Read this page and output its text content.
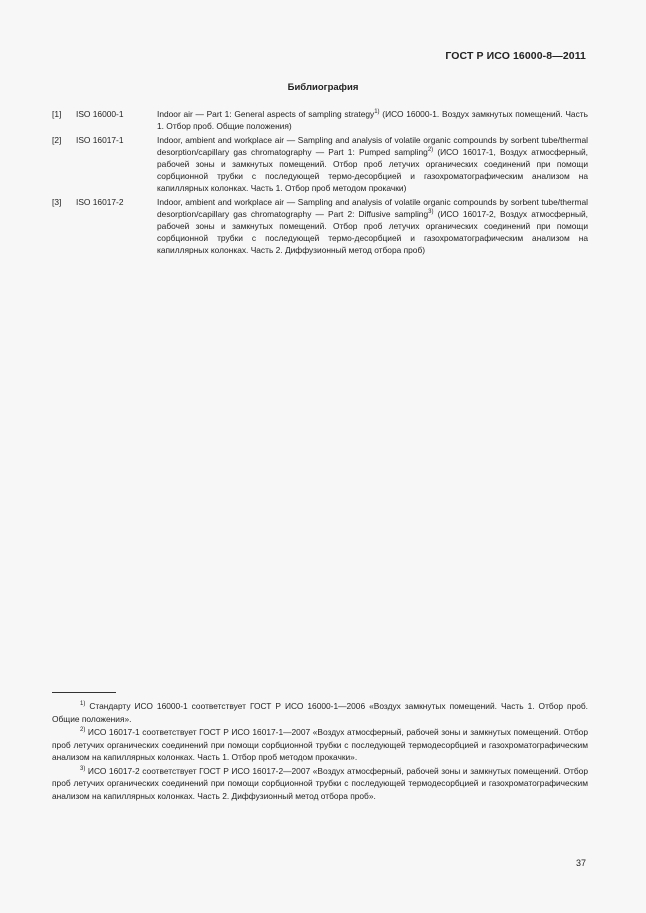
ГОСТ Р ИСО 16000-8—2011
Библиография
[1] ISO 16000-1	Indoor air — Part 1: General aspects of sampling strategy$^{1)}$ (ИСО 16000-1. Воздух замкнутых помещений. Часть 1. Отбор проб. Общие положения)
[2] ISO 16017-1	Indoor, ambient and workplace air — Sampling and analysis of volatile organic compounds by sorbent tube/thermal desorption/capillary gas chromatography — Part 1: Pumped sampling$^{2)}$ (ИСО 16017-1, Воздух атмосферный, рабочей зоны и замкнутых помещений. Отбор проб летучих органических соединений при помощи сорбционной трубки с последующей термо-десорбцией и газохроматографическим анализом на капиллярных колонках. Часть 1. Отбор проб методом прокачки)
[3] ISO 16017-2	Indoor, ambient and workplace air — Sampling and analysis of volatile organic compounds by sorbent tube/thermal desorption/capillary gas chromatography — Part 2: Diffusive sampling$^{3)}$ (ИСО 16017-2, Воздух атмосферный, рабочей зоны и замкнутых помещений. Отбор проб летучих органических соединений при помощи сорбционной трубки с последующей термо-десорбцией и газохроматографическим анализом на капиллярных колонках. Часть 2. Диффузионный метод отбора проб)
$^{1)}$ Стандарту ИСО 16000-1 соответствует ГОСТ Р ИСО 16000-1—2006 «Воздух замкнутых помещений. Часть 1. Отбор проб. Общие положения».
$^{2)}$ ИСО 16017-1 соответствует ГОСТ Р ИСО 16017-1—2007 «Воздух атмосферный, рабочей зоны и замкнутых помещений. Отбор проб летучих органических соединений при помощи сорбционной трубки с последующей термодесорбцией и газохроматографическим анализом на капиллярных колонках. Часть 1. Отбор проб методом прокачки».
$^{3)}$ ИСО 16017-2 соответствует ГОСТ Р ИСО 16017-2—2007 «Воздух атмосферный, рабочей зоны и замкнутых помещений. Отбор проб летучих органических соединений при помощи сорбционной трубки с последующей термодесорбцией и газохроматографическим анализом на капиллярных колонках. Часть 2. Диффузионный метод отбора проб».
37
